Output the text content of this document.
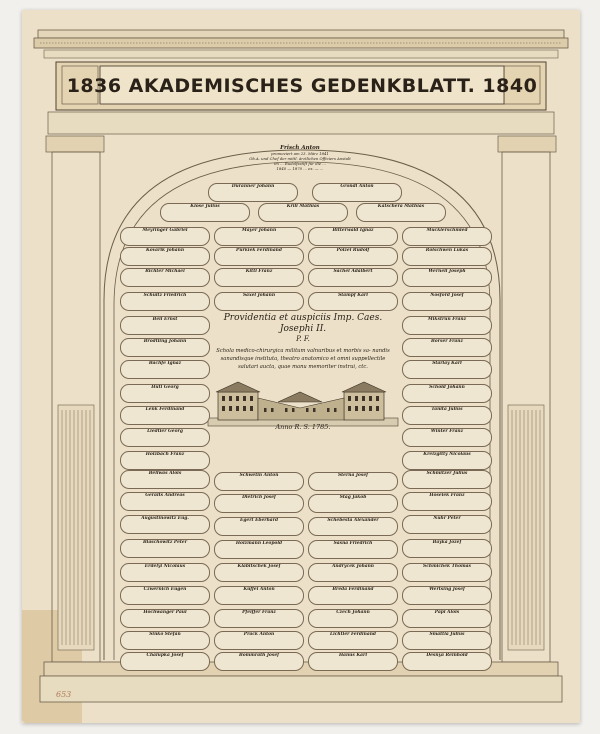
1836 AKADEMISCHES GEDENKBLATT. 1840
Frisch Anton
promoviert am 23. März 1841
Ob.A. und Chef der mittl. ärztlichen Officiers Anstalt
im ... Rudolfsstift für die ...
1840 — 1870 ... ex. — ...
Providentia et auspiciis Imp. Caes.
Josephi II.
P. F.
Schola medico-chirurgica militum valnuribus et morbis sa- nandis sanandisque instituta, theatro anatomico et omni suppellectile salutari aucta, quae manu memoriter instrui, ctc.
Anno R. S. 1785.
653
Duranner Johann	Grondl Anton
Klose Julius	Krill Mathias	Katschera Mathias
Meyringer Gabriel
Kovarik Johann
Richter Michael
Schultz Friedrich
Beil Ernst
Brodtling Johann
Bachfe Ignaz
Hutl Georg
Lenk Ferdinand
Liedtler Georg
Holzbach Franz
Bellwas Alois
Geraits Andreas
Augustinowitz Eug.
Blaschowitz Peter
Erdelyi Nicolaus
Czwernich Eugen
Hochwanger Paul
Sinko Stefan
Chalupka Josef
Mayer Johann
Pürkiek Ferdinand
Kittl Franz
Saxel Johann
Bitterwald Ignaz
Polzel Rudolf
Sachel Adalbert
Stampf Karl
Mucklerschmied
Rolschwen Lukas
Wernell Joseph
Nosford Josef
Mikstrun Franz
Borser Franz
Starlay Karl
Schold Johann
Tanita Julius
Winter Franz
Krelzgitty Nicolaus
Schmitzer Julius
Hoselek Franz
Nuhr Peter
Bayka Jozef
Schmichek Thomas
Wertsing Josef
Papl Alois
Smattla Julius
Desnya Reinhold
Schwetin Anton
Dietrich Josef
Egert Eberhard
Holzmann Leopold
Klabitschek Josef
Küffel Anton
Pfeiffer Franz
Prack Anton
Bommrath Josef
Sterna Josef
Stag Jakob
Schebesta Alexander
Sasna Friedrich
Andrycek Johann
Breda Ferdinand
Czech Johann
Lichtler Ferdinand
Hanus Karl
